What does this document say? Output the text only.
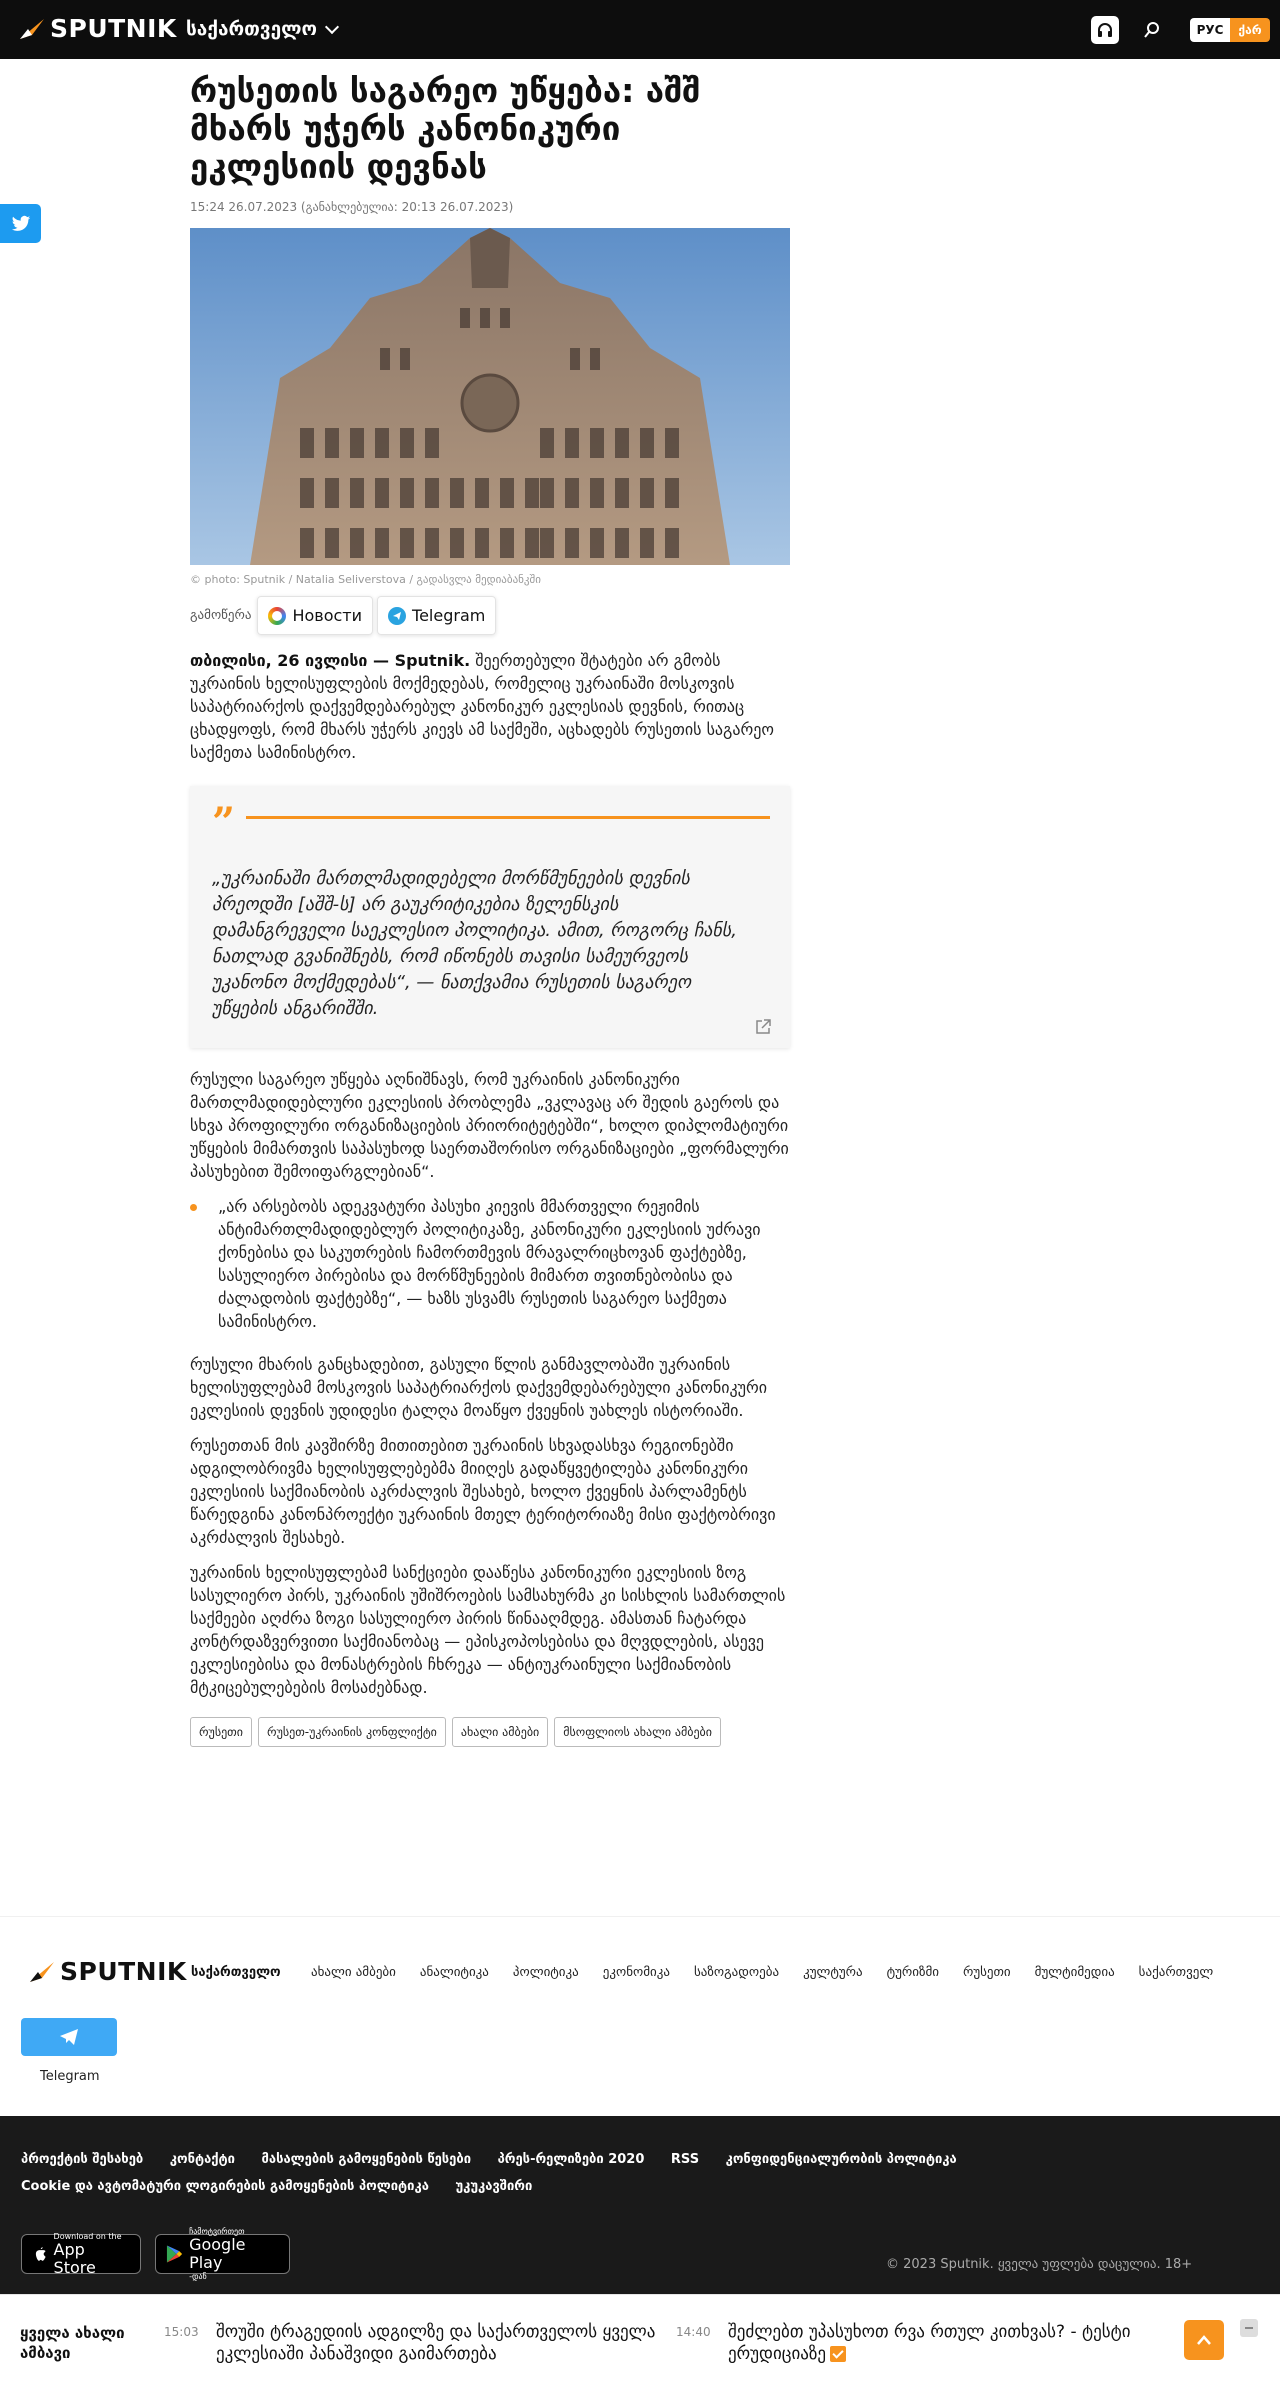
SPUTNIK საქართველო	РУС	ქარ
რუსეთის საგარეო უწყება: აშშ მხარს უჭერს კანონიკური ეკლესიის დევნას
15:24 26.07.2023 (განახლებულია: 20:13 26.07.2023)
© photo: Sputnik / Natalia Seliverstova / გადასვლა მედიაბანკში
გამოწერა	Новости	Telegram

თბილისი, 26 ივლისი — Sputnik. შეერთებული შტატები არ გმობს უკრაინის ხელისუფლების მოქმედებას, რომელიც უკრაინაში მოსკოვის საპატრიარქოს დაქვემდებარებულ კანონიკურ ეკლესიას დევნის, რითაც ცხადყოფს, რომ მხარს უჭერს კიევს ამ საქმეში, აცხადებს რუსეთის საგარეო საქმეთა სამინისტრო.

”

„უკრაინაში მართლმადიდებელი მორწმუნეების დევნის პრეოდში [აშშ-ს] არ გაუკრიტიკებია ზელენსკის დამანგრეველი საეკლესიო პოლიტიკა. ამით, როგორც ჩანს, ნათლად გვანიშნებს, რომ იწონებს თავისი სამეურვეოს უკანონო მოქმედებას“, — ნათქვამია რუსეთის საგარეო უწყების ანგარიშში.

რუსული საგარეო უწყება აღნიშნავს, რომ უკრაინის კანონიკური მართლმადიდებლური ეკლესიის პრობლემა „ვკლავაც არ შედის გაეროს და სხვა პროფილური ორგანიზაციების პრიორიტეტებში“, ხოლო დიპლომატიური უწყების მიმართვის საპასუხოდ საერთაშორისო ორგანიზაციები „ფორმალური პასუხებით შემოიფარგლებიან“.

„არ არსებობს ადეკვატური პასუხი კიევის მმართველი რეჟიმის ანტიმართლმადიდებლურ პოლიტიკაზე, კანონიკური ეკლესიის უძრავი ქონებისა და საკუთრების ჩამორთმევის მრავალრიცხოვან ფაქტებზე, სასულიერო პირებისა და მორწმუნეების მიმართ თვითნებობისა და ძალადობის ფაქტებზე“, — ხაზს უსვამს რუსეთის საგარეო საქმეთა სამინისტრო.

რუსული მხარის განცხადებით, გასული წლის განმავლობაში უკრაინის ხელისუფლებამ მოსკოვის საპატრიარქოს დაქვემდებარებული კანონიკური ეკლესიის დევნის უდიდესი ტალღა მოაწყო ქვეყნის უახლეს ისტორიაში.

რუსეთთან მის კავშირზე მითითებით უკრაინის სხვადასხვა რეგიონებში ადგილობრივმა ხელისუფლებებმა მიიღეს გადაწყვეტილება კანონიკური ეკლესიის საქმიანობის აკრძალვის შესახებ, ხოლო ქვეყნის პარლამენტს წარედგინა კანონპროექტი უკრაინის მთელ ტერიტორიაზე მისი ფაქტობრივი აკრძალვის შესახებ.

უკრაინის ხელისუფლებამ სანქციები დააწესა კანონიკური ეკლესიის ზოგ სასულიერო პირს, უკრაინის უშიშროების სამსახურმა კი სისხლის სამართლის საქმეები აღძრა ზოგი სასულიერო პირის წინააღმდეგ. ამასთან ჩატარდა კონტრდაზვერვითი საქმიანობაც — ეპისკოპოსებისა და მღვდლების, ასევე ეკლესიებისა და მონასტრების ჩხრეკა — ანტიუკრაინული საქმიანობის მტკიცებულებების მოსაძებნად.

რუსეთი	რუსეთ-უკრაინის კონფლიქტი	ახალი ამბები	მსოფლიოს ახალი ამბები
SPUTNIK საქართველო ახალი ამბები ანალიტიკა პოლიტიკა ეკონომიკა საზოგადოება კულტურა ტურიზმი რუსეთი მულტიმედია საქართველ
Telegram
პროექტის შესახებ კონტაქტი მასალების გამოყენების წესები პრეს-რელიზები 2020 RSS კონფიდენციალურობის პოლიტიკა Cookie და ავტომატური ლოგირების გამოყენების პოლიტიკა უკუკავშირი
Download on the
App Store
ჩამოტვირთეთ
Google Play
-დან
© 2023 Sputnik. ყველა უფლება დაცულია. 18+
ყველა ახალი ამბავი
15:03 შოუში ტრაგედიის ადგილზე და საქართველოს ყველა ეკლესიაში პანაშვიდი გაიმართება
14:40 შეძლებთ უპასუხოთ რვა რთულ კითხვას? - ტესტი ერუდიციაზე
